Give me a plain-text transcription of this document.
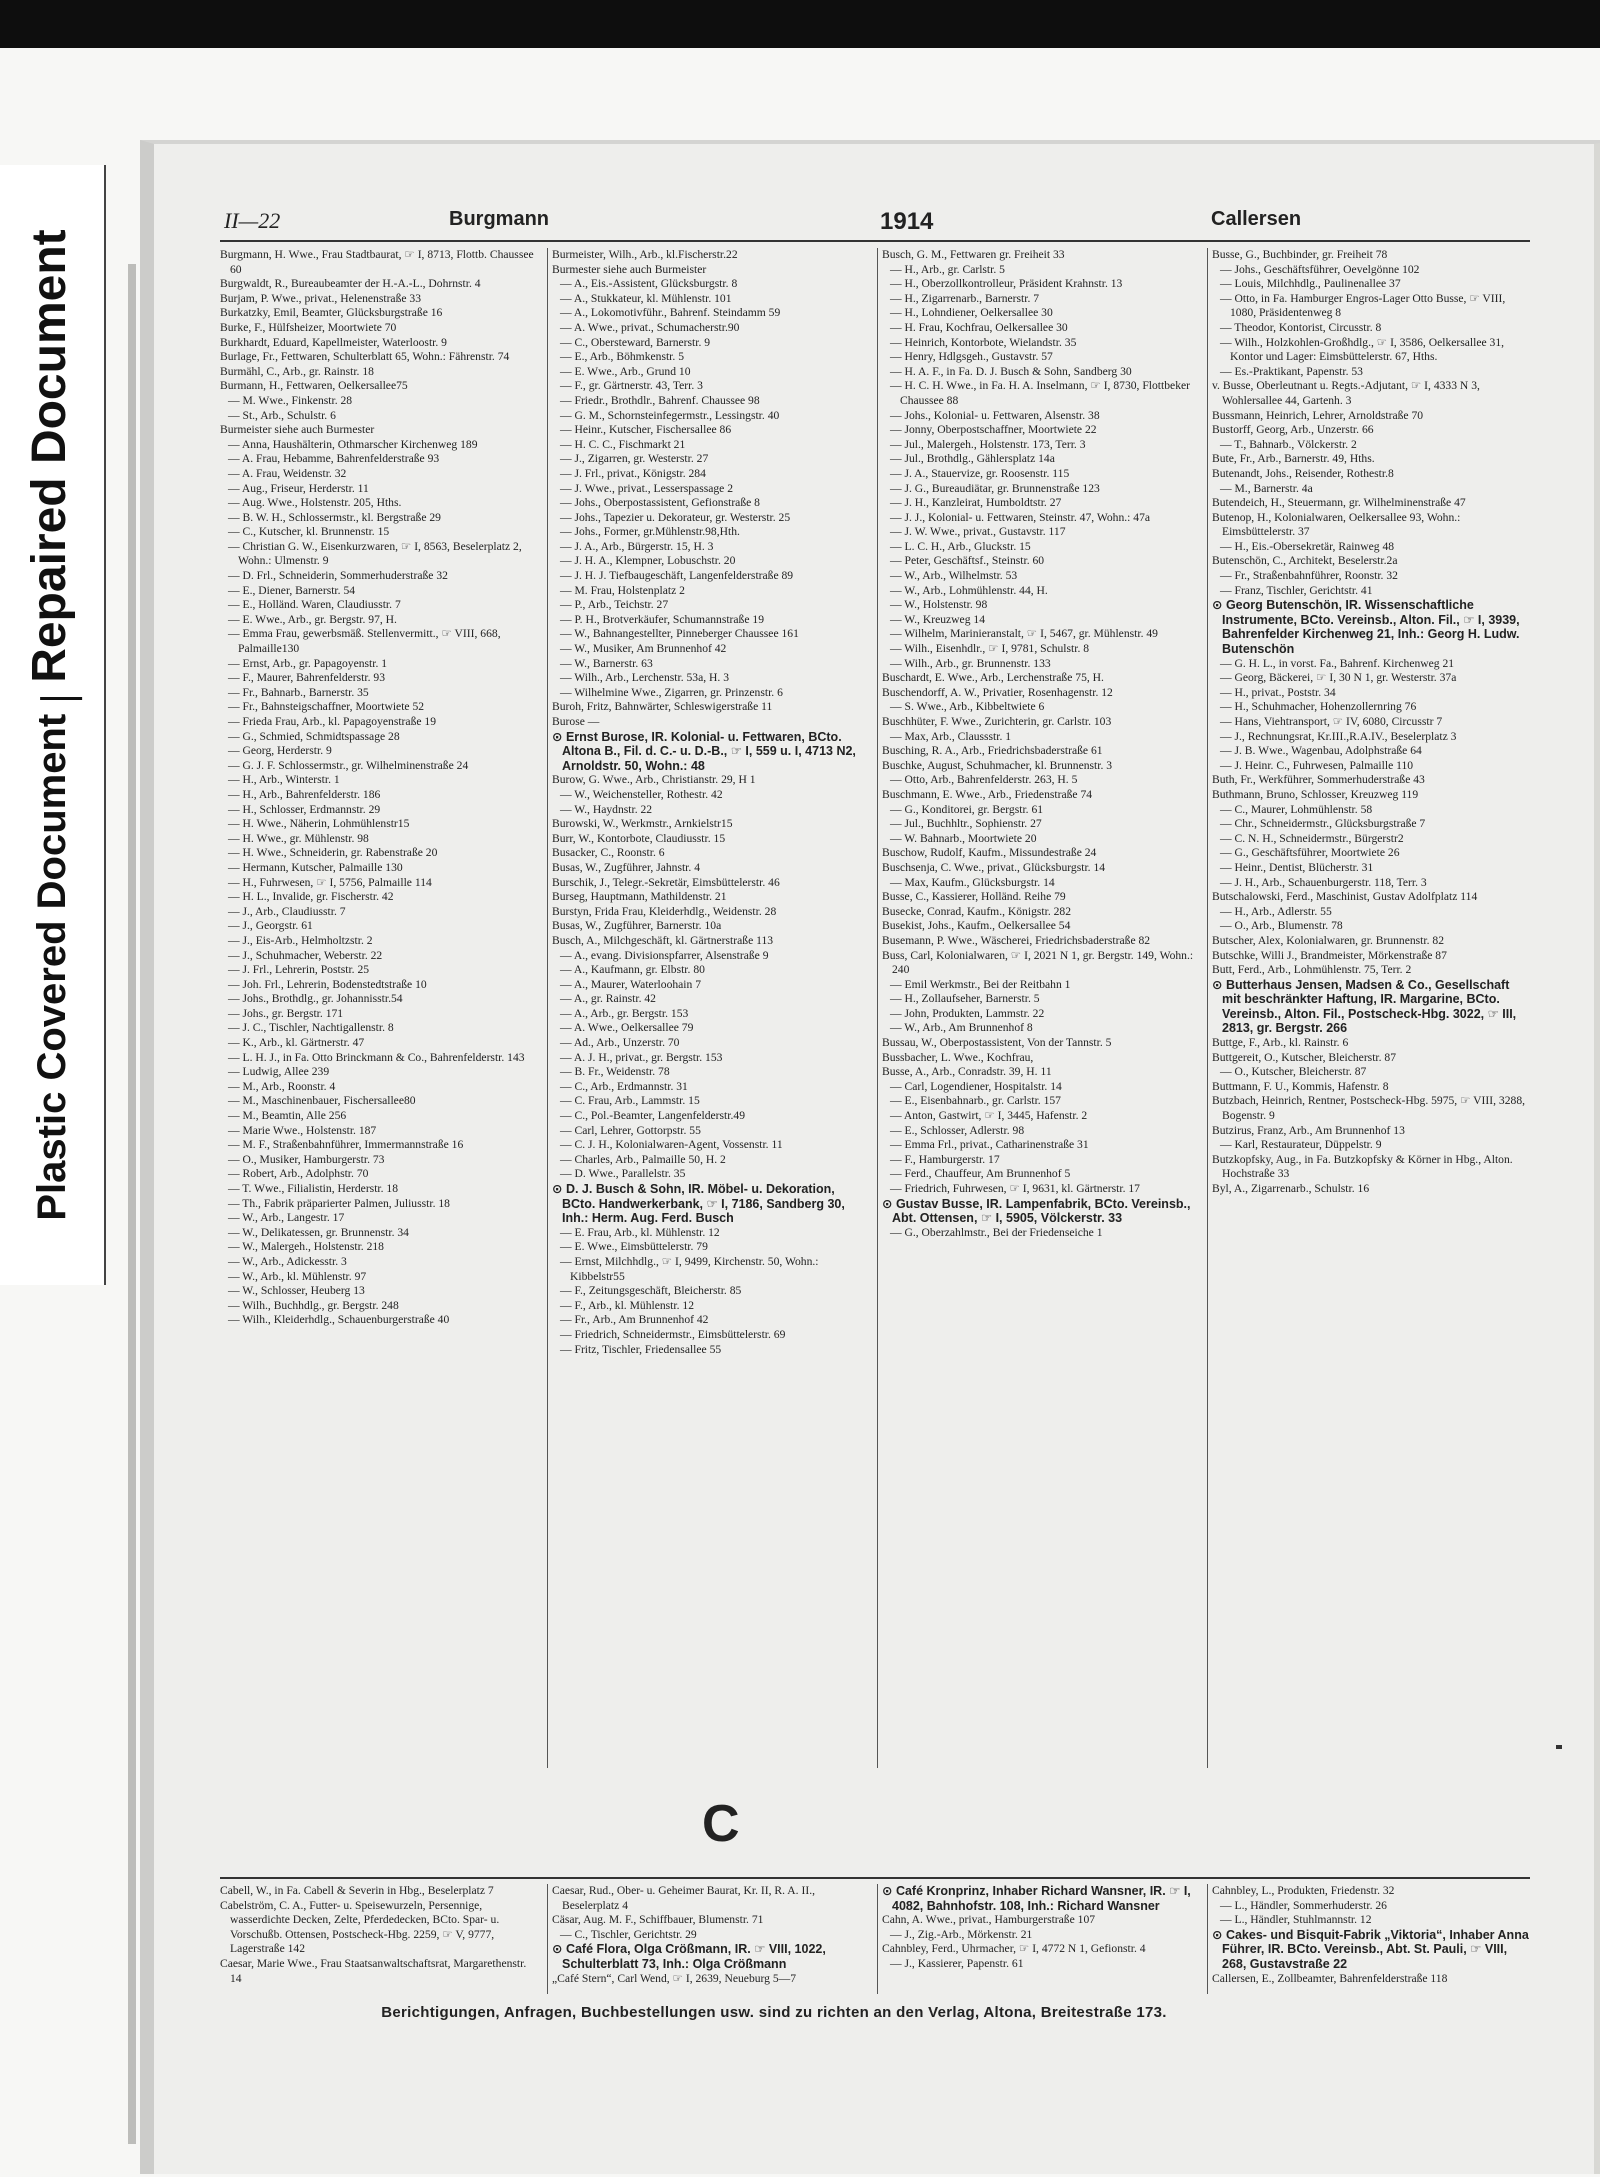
Plastic Covered DocumentRepaired Document
II—22	Burgmann	1914	Callersen
Burgmann, H. Wwe., Frau Stadtbaurat, ☞ I, 8713, Flottb. Chaussee 60
Burgwaldt, R., Bureaubeamter der H.-A.-L., Dohrnstr. 4
Burjam, P. Wwe., privat., Helenenstraße 33
Burkatzky, Emil, Beamter, Glücksburgstraße 16
Burke, F., Hülfsheizer, Moortwiete 70
Burkhardt, Eduard, Kapellmeister, Waterloostr. 9
Burlage, Fr., Fettwaren, Schulterblatt 65, Wohn.: Fährenstr. 74
Burmähl, C., Arb., gr. Rainstr. 18
Burmann, H., Fettwaren, Oelkersallee75
— M. Wwe., Finkenstr. 28
— St., Arb., Schulstr. 6
Burmeister siehe auch Burmester
— Anna, Haushälterin, Othmarscher Kirchenweg 189
— A. Frau, Hebamme, Bahrenfelderstraße 93
— A. Frau, Weidenstr. 32
— Aug., Friseur, Herderstr. 11
— Aug. Wwe., Holstenstr. 205, Hths.
— B. W. H., Schlossermstr., kl. Bergstraße 29
— C., Kutscher, kl. Brunnenstr. 15
— Christian G. W., Eisenkurzwaren, ☞ I, 8563, Beselerplatz 2, Wohn.: Ulmenstr. 9
— D. Frl., Schneiderin, Sommerhuderstraße 32
— E., Diener, Barnerstr. 54
— E., Holländ. Waren, Claudiusstr. 7
— E. Wwe., Arb., gr. Bergstr. 97, H.
— Emma Frau, gewerbsmäß. Stellenvermitt., ☞ VIII, 668, Palmaille130
— Ernst, Arb., gr. Papagoyenstr. 1
— F., Maurer, Bahrenfelderstr. 93
— Fr., Bahnarb., Barnerstr. 35
— Fr., Bahnsteigschaffner, Moortwiete 52
— Frieda Frau, Arb., kl. Papagoyenstraße 19
— G., Schmied, Schmidtspassage 28
— Georg, Herderstr. 9
— G. J. F. Schlossermstr., gr. Wilhelminenstraße 24
— H., Arb., Winterstr. 1
— H., Arb., Bahrenfelderstr. 186
— H., Schlosser, Erdmannstr. 29
— H. Wwe., Näherin, Lohmühlenstr15
— H. Wwe., gr. Mühlenstr. 98
— H. Wwe., Schneiderin, gr. Rabenstraße 20
— Hermann, Kutscher, Palmaille 130
— H., Fuhrwesen, ☞ I, 5756, Palmaille 114
— H. L., Invalide, gr. Fischerstr. 42
— J., Arb., Claudiusstr. 7
— J., Georgstr. 61
— J., Eis-Arb., Helmholtzstr. 2
— J., Schuhmacher, Weberstr. 22
— J. Frl., Lehrerin, Poststr. 25
— Joh. Frl., Lehrerin, Bodenstedtstraße 10
— Johs., Brothdlg., gr. Johannisstr.54
— Johs., gr. Bergstr. 171
— J. C., Tischler, Nachtigallenstr. 8
— K., Arb., kl. Gärtnerstr. 47
— L. H. J., in Fa. Otto Brinckmann & Co., Bahrenfelderstr. 143
— Ludwig, Allee 239
— M., Arb., Roonstr. 4
— M., Maschinenbauer, Fischersallee80
— M., Beamtin, Alle 256
— Marie Wwe., Holstenstr. 187
— M. F., Straßenbahnführer, Immermannstraße 16
— O., Musiker, Hamburgerstr. 73
— Robert, Arb., Adolphstr. 70
— T. Wwe., Filialistin, Herderstr. 18
— Th., Fabrik präparierter Palmen, Juliusstr. 18
— W., Arb., Langestr. 17
— W., Delikatessen, gr. Brunnenstr. 34
— W., Malergeh., Holstenstr. 218
— W., Arb., Adickesstr. 3
— W., Arb., kl. Mühlenstr. 97
— W., Schlosser, Heuberg 13
— Wilh., Buchhdlg., gr. Bergstr. 248
— Wilh., Kleiderhdlg., Schauenburgerstraße 40
Burmeister, Wilh., Arb., kl.Fischerstr.22
Burmester siehe auch Burmeister
— A., Eis.-Assistent, Glücksburgstr. 8
— A., Stukkateur, kl. Mühlenstr. 101
— A., Lokomotivführ., Bahrenf. Steindamm 59
— A. Wwe., privat., Schumacherstr.90
— C., Obersteward, Barnerstr. 9
— E., Arb., Böhmkenstr. 5
— E. Wwe., Arb., Grund 10
— F., gr. Gärtnerstr. 43, Terr. 3
— Friedr., Brothdlr., Bahrenf. Chaussee 98
— G. M., Schornsteinfegermstr., Lessingstr. 40
— Heinr., Kutscher, Fischersallee 86
— H. C. C., Fischmarkt 21
— J., Zigarren, gr. Westerstr. 27
— J. Frl., privat., Königstr. 284
— J. Wwe., privat., Lesserspassage 2
— Johs., Oberpostassistent, Gefionstraße 8
— Johs., Tapezier u. Dekorateur, gr. Westerstr. 25
— Johs., Former, gr.Mühlenstr.98,Hth.
— J. A., Arb., Bürgerstr. 15, H. 3
— J. H. A., Klempner, Lobuschstr. 20
— J. H. J. Tiefbaugeschäft, Langenfelderstraße 89
— M. Frau, Holstenplatz 2
— P., Arb., Teichstr. 27
— P. H., Brotverkäufer, Schumannstraße 19
— W., Bahnangestellter, Pinneberger Chaussee 161
— W., Musiker, Am Brunnenhof 42
— W., Barnerstr. 63
— Wilh., Arb., Lerchenstr. 53a, H. 3
— Wilhelmine Wwe., Zigarren, gr. Prinzenstr. 6
Buroh, Fritz, Bahnwärter, Schleswigerstraße 11
Burose —
⊙ Ernst Burose, IR. Kolonial- u. Fettwaren, BCto. Altona B., Fil. d. C.- u. D.-B., ☞ I, 559 u. I, 4713 N2, Arnoldstr. 50, Wohn.: 48
Burow, G. Wwe., Arb., Christianstr. 29, H 1
— W., Weichensteller, Rothestr. 42
— W., Haydnstr. 22
Burowski, W., Werkmstr., Arnkielstr15
Burr, W., Kontorbote, Claudiusstr. 15
Busacker, C., Roonstr. 6
Busas, W., Zugführer, Jahnstr. 4
Burschik, J., Telegr.-Sekretär, Eimsbüttelerstr. 46
Burseg, Hauptmann, Mathildenstr. 21
Burstyn, Frida Frau, Kleiderhdlg., Weidenstr. 28
Busas, W., Zugführer, Barnerstr. 10a
Busch, A., Milchgeschäft, kl. Gärtnerstraße 113
— A., evang. Divisionspfarrer, Alsenstraße 9
— A., Kaufmann, gr. Elbstr. 80
— A., Maurer, Waterloohain 7
— A., gr. Rainstr. 42
— A., Arb., gr. Bergstr. 153
— A. Wwe., Oelkersallee 79
— Ad., Arb., Unzerstr. 70
— A. J. H., privat., gr. Bergstr. 153
— B. Fr., Weidenstr. 78
— C., Arb., Erdmannstr. 31
— C. Frau, Arb., Lammstr. 15
— C., Pol.-Beamter, Langenfelderstr.49
— Carl, Lehrer, Gottorpstr. 55
— C. J. H., Kolonialwaren-Agent, Vossenstr. 11
— Charles, Arb., Palmaille 50, H. 2
— D. Wwe., Parallelstr. 35
⊙ D. J. Busch & Sohn, IR. Möbel- u. Dekoration, BCto. Handwerkerbank, ☞ I, 7186, Sandberg 30, Inh.: Herm. Aug. Ferd. Busch
— E. Frau, Arb., kl. Mühlenstr. 12
— E. Wwe., Eimsbüttelerstr. 79
— Ernst, Milchhdlg., ☞ I, 9499, Kirchenstr. 50, Wohn.: Kibbelstr55
— F., Zeitungsgeschäft, Bleicherstr. 85
— F., Arb., kl. Mühlenstr. 12
— Fr., Arb., Am Brunnenhof 42
— Friedrich, Schneidermstr., Eimsbüttelerstr. 69
— Fritz, Tischler, Friedensallee 55
Busch, G. M., Fettwaren gr. Freiheit 33
— H., Arb., gr. Carlstr. 5
— H., Oberzollkontrolleur, Präsident Krahnstr. 13
— H., Zigarrenarb., Barnerstr. 7
— H., Lohndiener, Oelkersallee 30
— H. Frau, Kochfrau, Oelkersallee 30
— Heinrich, Kontorbote, Wielandstr. 35
— Henry, Hdlgsgeh., Gustavstr. 57
— H. A. F., in Fa. D. J. Busch & Sohn, Sandberg 30
— H. C. H. Wwe., in Fa. H. A. Inselmann, ☞ I, 8730, Flottbeker Chaussee 88
— Johs., Kolonial- u. Fettwaren, Alsenstr. 38
— Jonny, Oberpostschaffner, Moortwiete 22
— Jul., Malergeh., Holstenstr. 173, Terr. 3
— Jul., Brothdlg., Gählersplatz 14a
— J. A., Stauervize, gr. Roosenstr. 115
— J. G., Bureaudiätar, gr. Brunnenstraße 123
— J. H., Kanzleirat, Humboldtstr. 27
— J. J., Kolonial- u. Fettwaren, Steinstr. 47, Wohn.: 47a
— J. W. Wwe., privat., Gustavstr. 117
— L. C. H., Arb., Gluckstr. 15
— Peter, Geschäftsf., Steinstr. 60
— W., Arb., Wilhelmstr. 53
— W., Arb., Lohmühlenstr. 44, H.
— W., Holstenstr. 98
— W., Kreuzweg 14
— Wilhelm, Marinieranstalt, ☞ I, 5467, gr. Mühlenstr. 49
— Wilh., Eisenhdlr., ☞ I, 9781, Schulstr. 8
— Wilh., Arb., gr. Brunnenstr. 133
Buschardt, E. Wwe., Arb., Lerchenstraße 75, H.
Buschendorff, A. W., Privatier, Rosenhagenstr. 12
— S. Wwe., Arb., Kibbeltwiete 6
Buschhüter, F. Wwe., Zurichterin, gr. Carlstr. 103
— Max, Arb., Claussstr. 1
Busching, R. A., Arb., Friedrichsbaderstraße 61
Buschke, August, Schuhmacher, kl. Brunnenstr. 3
— Otto, Arb., Bahrenfelderstr. 263, H. 5
Buschmann, E. Wwe., Arb., Friedenstraße 74
— G., Konditorei, gr. Bergstr. 61
— Jul., Buchhltr., Sophienstr. 27
— W. Bahnarb., Moortwiete 20
Buschow, Rudolf, Kaufm., Missundestraße 24
Buschsenja, C. Wwe., privat., Glücksburgstr. 14
— Max, Kaufm., Glücksburgstr. 14
Busse, C., Kassierer, Holländ. Reihe 79
Busecke, Conrad, Kaufm., Königstr. 282
Busekist, Johs., Kaufm., Oelkersallee 54
Busemann, P. Wwe., Wäscherei, Friedrichsbaderstraße 82
Buss, Carl, Kolonialwaren, ☞ I, 2021 N 1, gr. Bergstr. 149, Wohn.: 240
— Emil Werkmstr., Bei der Reitbahn 1
— H., Zollaufseher, Barnerstr. 5
— John, Produkten, Lammstr. 22
— W., Arb., Am Brunnenhof 8
Bussau, W., Oberpostassistent, Von der Tannstr. 5
Bussbacher, L. Wwe., Kochfrau,
Busse, A., Arb., Conradstr. 39, H. 11
— Carl, Logendiener, Hospitalstr. 14
— E., Eisenbahnarb., gr. Carlstr. 157
— Anton, Gastwirt, ☞ I, 3445, Hafenstr. 2
— E., Schlosser, Adlerstr. 98
— Emma Frl., privat., Catharinenstraße 31
— F., Hamburgerstr. 17
— Ferd., Chauffeur, Am Brunnenhof 5
— Friedrich, Fuhrwesen, ☞ I, 9631, kl. Gärtnerstr. 17
⊙ Gustav Busse, IR. Lampenfabrik, BCto. Vereinsb., Abt. Ottensen, ☞ I, 5905, Völckerstr. 33
— G., Oberzahlmstr., Bei der Friedenseiche 1
Busse, G., Buchbinder, gr. Freiheit 78
— Johs., Geschäftsführer, Oevelgönne 102
— Louis, Milchhdlg., Paulinenallee 37
— Otto, in Fa. Hamburger Engros-Lager Otto Busse, ☞ VIII, 1080, Präsidentenweg 8
— Theodor, Kontorist, Circusstr. 8
— Wilh., Holzkohlen-Großhdlg., ☞ I, 3586, Oelkersallee 31, Kontor und Lager: Eimsbüttelerstr. 67, Hths.
— Es.-Praktikant, Papenstr. 53
v. Busse, Oberleutnant u. Regts.-Adjutant, ☞ I, 4333 N 3, Wohlersallee 44, Gartenh. 3
Bussmann, Heinrich, Lehrer, Arnoldstraße 70
Bustorff, Georg, Arb., Unzerstr. 66
— T., Bahnarb., Völckerstr. 2
Bute, Fr., Arb., Barnerstr. 49, Hths.
Butenandt, Johs., Reisender, Rothestr.8
— M., Barnerstr. 4a
Butendeich, H., Steuermann, gr. Wilhelminenstraße 47
Butenop, H., Kolonialwaren, Oelkersallee 93, Wohn.: Eimsbüttelerstr. 37
— H., Eis.-Obersekretär, Rainweg 48
Butenschön, C., Architekt, Beselerstr.2a
— Fr., Straßenbahnführer, Roonstr. 32
— Franz, Tischler, Gerichtstr. 41
⊙ Georg Butenschön, IR. Wissenschaftliche Instrumente, BCto. Vereinsb., Alton. Fil., ☞ I, 3939, Bahrenfelder Kirchenweg 21, Inh.: Georg H. Ludw. Butenschön
— G. H. L., in vorst. Fa., Bahrenf. Kirchenweg 21
— Georg, Bäckerei, ☞ I, 30 N 1, gr. Westerstr. 37a
— H., privat., Poststr. 34
— H., Schuhmacher, Hohenzollernring 76
— Hans, Viehtransport, ☞ IV, 6080, Circusstr 7
— J., Rechnungsrat, Kr.III.,R.A.IV., Beselerplatz 3
— J. B. Wwe., Wagenbau, Adolphstraße 64
— J. Heinr. C., Fuhrwesen, Palmaille 110
Buth, Fr., Werkführer, Sommerhuderstraße 43
Buthmann, Bruno, Schlosser, Kreuzweg 119
— C., Maurer, Lohmühlenstr. 58
— Chr., Schneidermstr., Glücksburgstraße 7
— C. N. H., Schneidermstr., Bürgerstr2
— G., Geschäftsführer, Moortwiete 26
— Heinr., Dentist, Blücherstr. 31
— J. H., Arb., Schauenburgerstr. 118, Terr. 3
Butschalowski, Ferd., Maschinist, Gustav Adolfplatz 114
— H., Arb., Adlerstr. 55
— O., Arb., Blumenstr. 78
Butscher, Alex, Kolonialwaren, gr. Brunnenstr. 82
Butschke, Willi J., Brandmeister, Mörkenstraße 87
Butt, Ferd., Arb., Lohmühlenstr. 75, Terr. 2
⊙ Butterhaus Jensen, Madsen & Co., Gesellschaft mit beschränkter Haftung, IR. Margarine, BCto. Vereinsb., Alton. Fil., Postscheck-Hbg. 3022, ☞ III, 2813, gr. Bergstr. 266
Buttge, F., Arb., kl. Rainstr. 6
Buttgereit, O., Kutscher, Bleicherstr. 87
— O., Kutscher, Bleicherstr. 87
Buttmann, F. U., Kommis, Hafenstr. 8
Butzbach, Heinrich, Rentner, Postscheck-Hbg. 5975, ☞ VIII, 3288, Bogenstr. 9
Butzirus, Franz, Arb., Am Brunnenhof 13
— Karl, Restaurateur, Düppelstr. 9
Butzkopfsky, Aug., in Fa. Butzkopfsky & Körner in Hbg., Alton. Hochstraße 33
Byl, A., Zigarrenarb., Schulstr. 16
C
Cabell, W., in Fa. Cabell & Severin in Hbg., Beselerplatz 7
Cabelström, C. A., Futter- u. Speisewurzeln, Persennige, wasserdichte Decken, Zelte, Pferdedecken, BCto. Spar- u. Vorschußb. Ottensen, Postscheck-Hbg. 2259, ☞ V, 9777, Lagerstraße 142
Caesar, Marie Wwe., Frau Staatsanwaltschaftsrat, Margarethenstr. 14
Caesar, Rud., Ober- u. Geheimer Baurat, Kr. II, R. A. II., Beselerplatz 4
Cäsar, Aug. M. F., Schiffbauer, Blumenstr. 71
— C., Tischler, Gerichtstr. 29
⊙ Café Flora, Olga Crößmann, IR. ☞ VIII, 1022, Schulterblatt 73, Inh.: Olga Crößmann
„Café Stern“, Carl Wend, ☞ I, 2639, Neueburg 5—7
⊙ Café Kronprinz, Inhaber Richard Wansner, IR. ☞ I, 4082, Bahnhofstr. 108, Inh.: Richard Wansner
Cahn, A. Wwe., privat., Hamburgerstraße 107
— J., Zig.-Arb., Mörkenstr. 21
Cahnbley, Ferd., Uhrmacher, ☞ I, 4772 N 1, Gefionstr. 4
— J., Kassierer, Papenstr. 61
Cahnbley, L., Produkten, Friedenstr. 32
— L., Händler, Sommerhuderstr. 26
— L., Händler, Stuhlmannstr. 12
⊙ Cakes- und Bisquit-Fabrik „Viktoria“, Inhaber Anna Führer, IR. BCto. Vereinsb., Abt. St. Pauli, ☞ VIII, 268, Gustavstraße 22
Callersen, E., Zollbeamter, Bahrenfelderstraße 118
Berichtigungen, Anfragen, Buchbestellungen usw. sind zu richten an den Verlag, Altona, Breitestraße 173.
